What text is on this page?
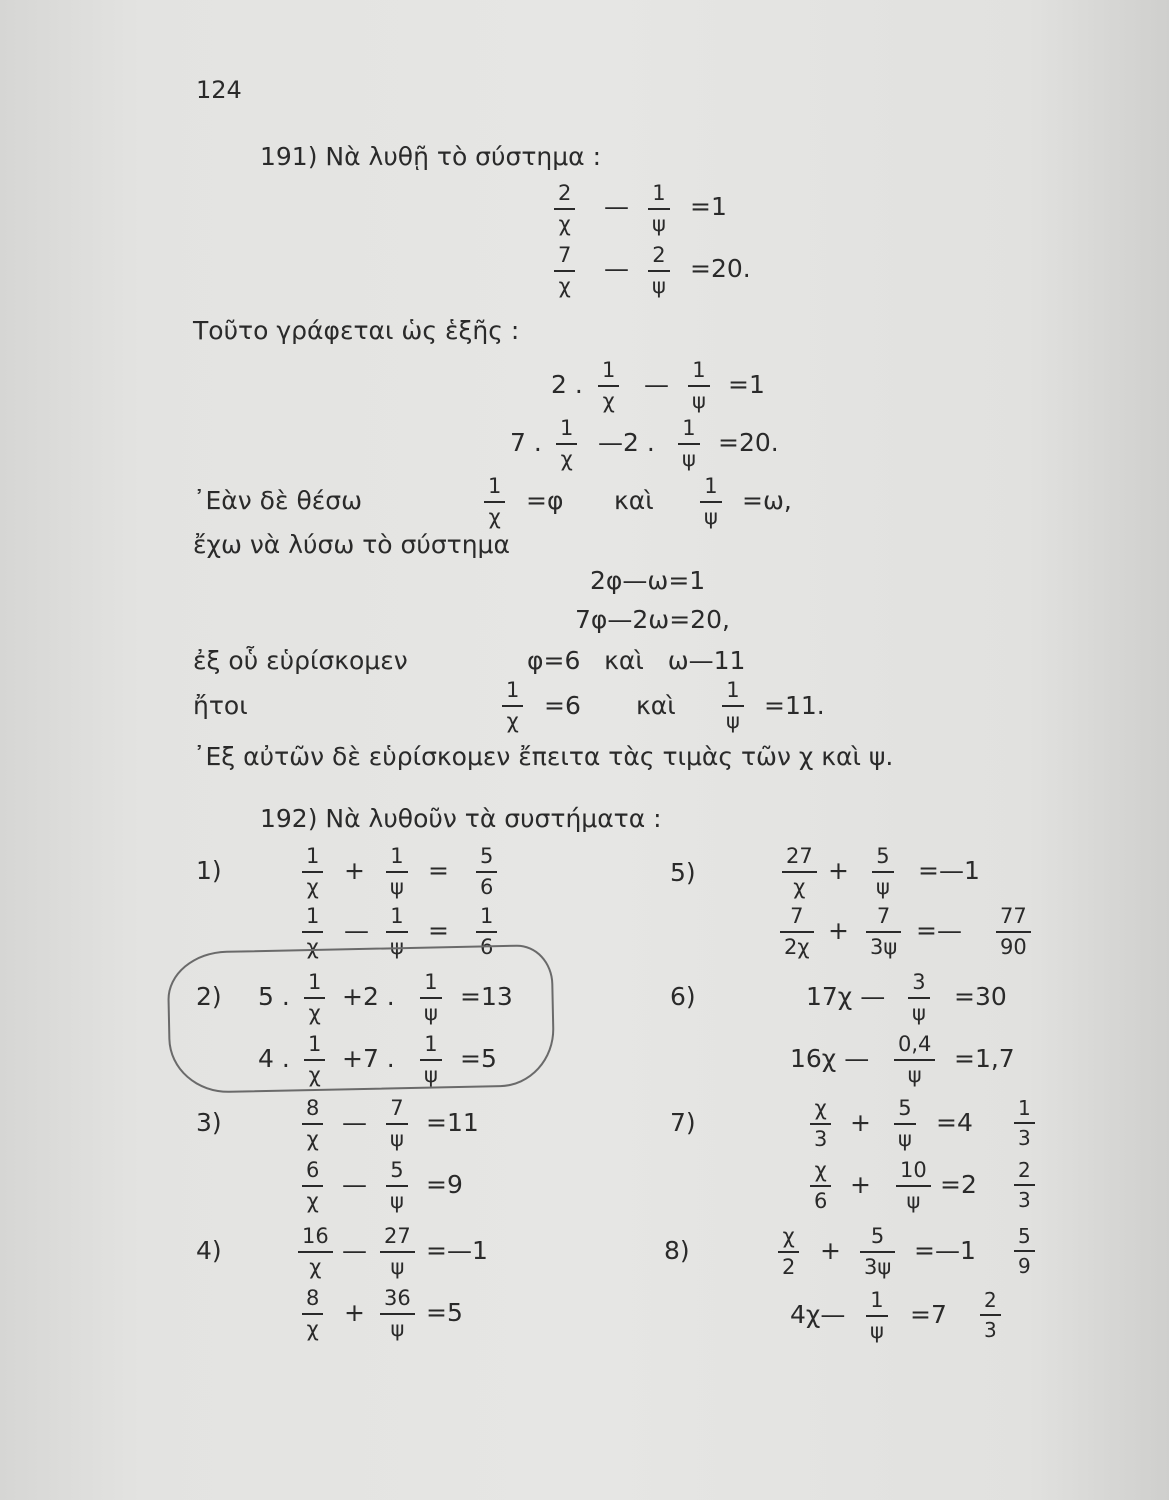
124
191) Νὰ λυθῇ τὸ σύστημα :
2
χ
— 1
ψ
=1
7
χ
— 2
ψ
=20.
Τοῦτο γράφεται ὡς ἑξῆς :
2 . 1
χ
— 1
ψ
=1
7 . 1
χ
—2 . 1
ψ
=20.
᾿Εὰν δὲ θέσω	1
χ
=φ καὶ 1
ψ
=ω,
ἔχω νὰ λύσω τὸ σύστημα
2φ—ω=1
7φ—2ω=20,
ἐξ οὗ εὑρίσκομεν	φ=6   καὶ   ω—11
ἤτοι
1
χ
=6 καὶ
1
ψ
=11.
᾿Εξ αὐτῶν δὲ εὑρίσκομεν ἔπειτα τὰς τιμὰς τῶν χ καὶ ψ.
192) Νὰ λυθοῦν τὰ συστήματα :
1)	1
χ
+ 1
ψ
= 5
6
1
χ
— 1
ψ
= 1
6
2) 5 . 1
χ
+2 . 1
ψ
=13
4 . 1
χ
+7 . 1
ψ
=5
3)	8
χ
— 7
ψ
=11
6
χ
— 5
ψ
=9
4)	16
χ
— 27
ψ
=—1
8
χ
+ 36
ψ
=5
5)
27
χ
+ 5
ψ
=—1
7
2χ
+ 7
3ψ
=— 77
90
6)	17χ — 3
ψ
=30
16χ — 0,4
ψ
=1,7
7)	χ
3
+ 5
ψ
=4 1
3
χ
6
+ 10
ψ
=2 2
3
8)	χ
2
+ 5
3ψ
=—1 5
9
4χ— 1
ψ
=7 2
3
